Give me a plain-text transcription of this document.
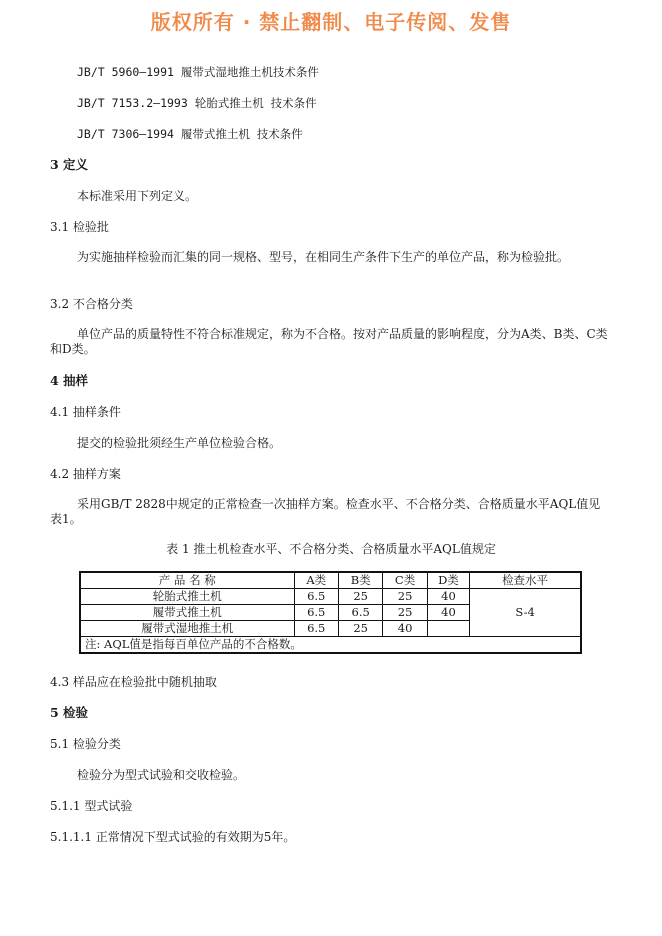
版权所有 · 禁止翻制、电子传阅、发售
JB/T 5960—1991 履带式湿地推土机技术条件
JB/T 7153.2—1993 轮胎式推土机 技术条件
JB/T 7306—1994 履带式推土机 技术条件
3 定义
本标准采用下列定义。
3.1 检验批
为实施抽样检验而汇集的同一规格、型号，在相同生产条件下生产的单位产品，称为检验批。
3.2 不合格分类
单位产品的质量特性不符合标准规定，称为不合格。按对产品质量的影响程度，分为A类、B类、C类和D类。
4 抽样
4.1 抽样条件
提交的检验批须经生产单位检验合格。
4.2 抽样方案
采用GB/T 2828中规定的正常检查一次抽样方案。检查水平、不合格分类、合格质量水平AQL值见表1。
表 1 推土机检查水平、不合格分类、合格质量水平AQL值规定
产 品 名 称	A类	B类	C类	D类	检查水平
轮胎式推土机	6.5	25	25	40	S-4
履带式推土机	6.5	6.5	25	40	
履带式湿地推土机	6.5	25	40		
注: AQL值是指每百单位产品的不合格数。					
4.3 样品应在检验批中随机抽取
5 检验
5.1 检验分类
检验分为型式试验和交收检验。
5.1.1 型式试验
5.1.1.1 正常情况下型式试验的有效期为5年。
